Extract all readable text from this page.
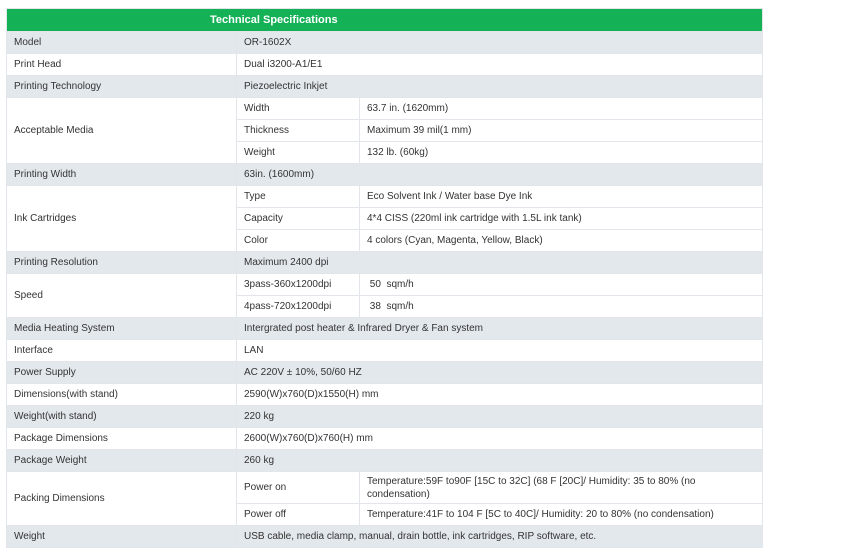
Technical Specifications		
Model	OR-1602X	
Print Head	Dual i3200-A1/E1	
Printing Technology	Piezoelectric Inkjet	
Acceptable Media	Width	63.7 in. (1620mm)
	Thickness	Maximum 39 mil(1 mm)
	Weight	132 lb. (60kg)
Printing Width	63in. (1600mm)	
Ink Cartridges	Type	Eco Solvent Ink / Water base Dye Ink
	Capacity	4*4 CISS (220ml ink cartridge with 1.5L ink tank)
	Color	4 colors (Cyan, Magenta, Yellow, Black)
Printing Resolution	Maximum 2400 dpi	
Speed	3pass-360x1200dpi	50  sqm/h
	4pass-720x1200dpi	38  sqm/h
Media Heating System	Intergrated post heater & Infrared Dryer & Fan system	
Interface	LAN	
Power Supply	AC 220V ± 10%, 50/60 HZ	
Dimensions(with stand)	2590(W)x760(D)x1550(H) mm	
Weight(with stand)	220 kg	
Package Dimensions	2600(W)x760(D)x760(H) mm	
Package Weight	260 kg	
Packing Dimensions	Power on	Temperature:59F to90F [15C to 32C] (68 F [20C]/ Humidity: 35 to 80% (no condensation)
	Power off	Temperature:41F to 104 F [5C to 40C]/ Humidity: 20 to 80% (no condensation)
Weight	USB cable, media clamp, manual, drain bottle, ink cartridges, RIP software, etc.	
